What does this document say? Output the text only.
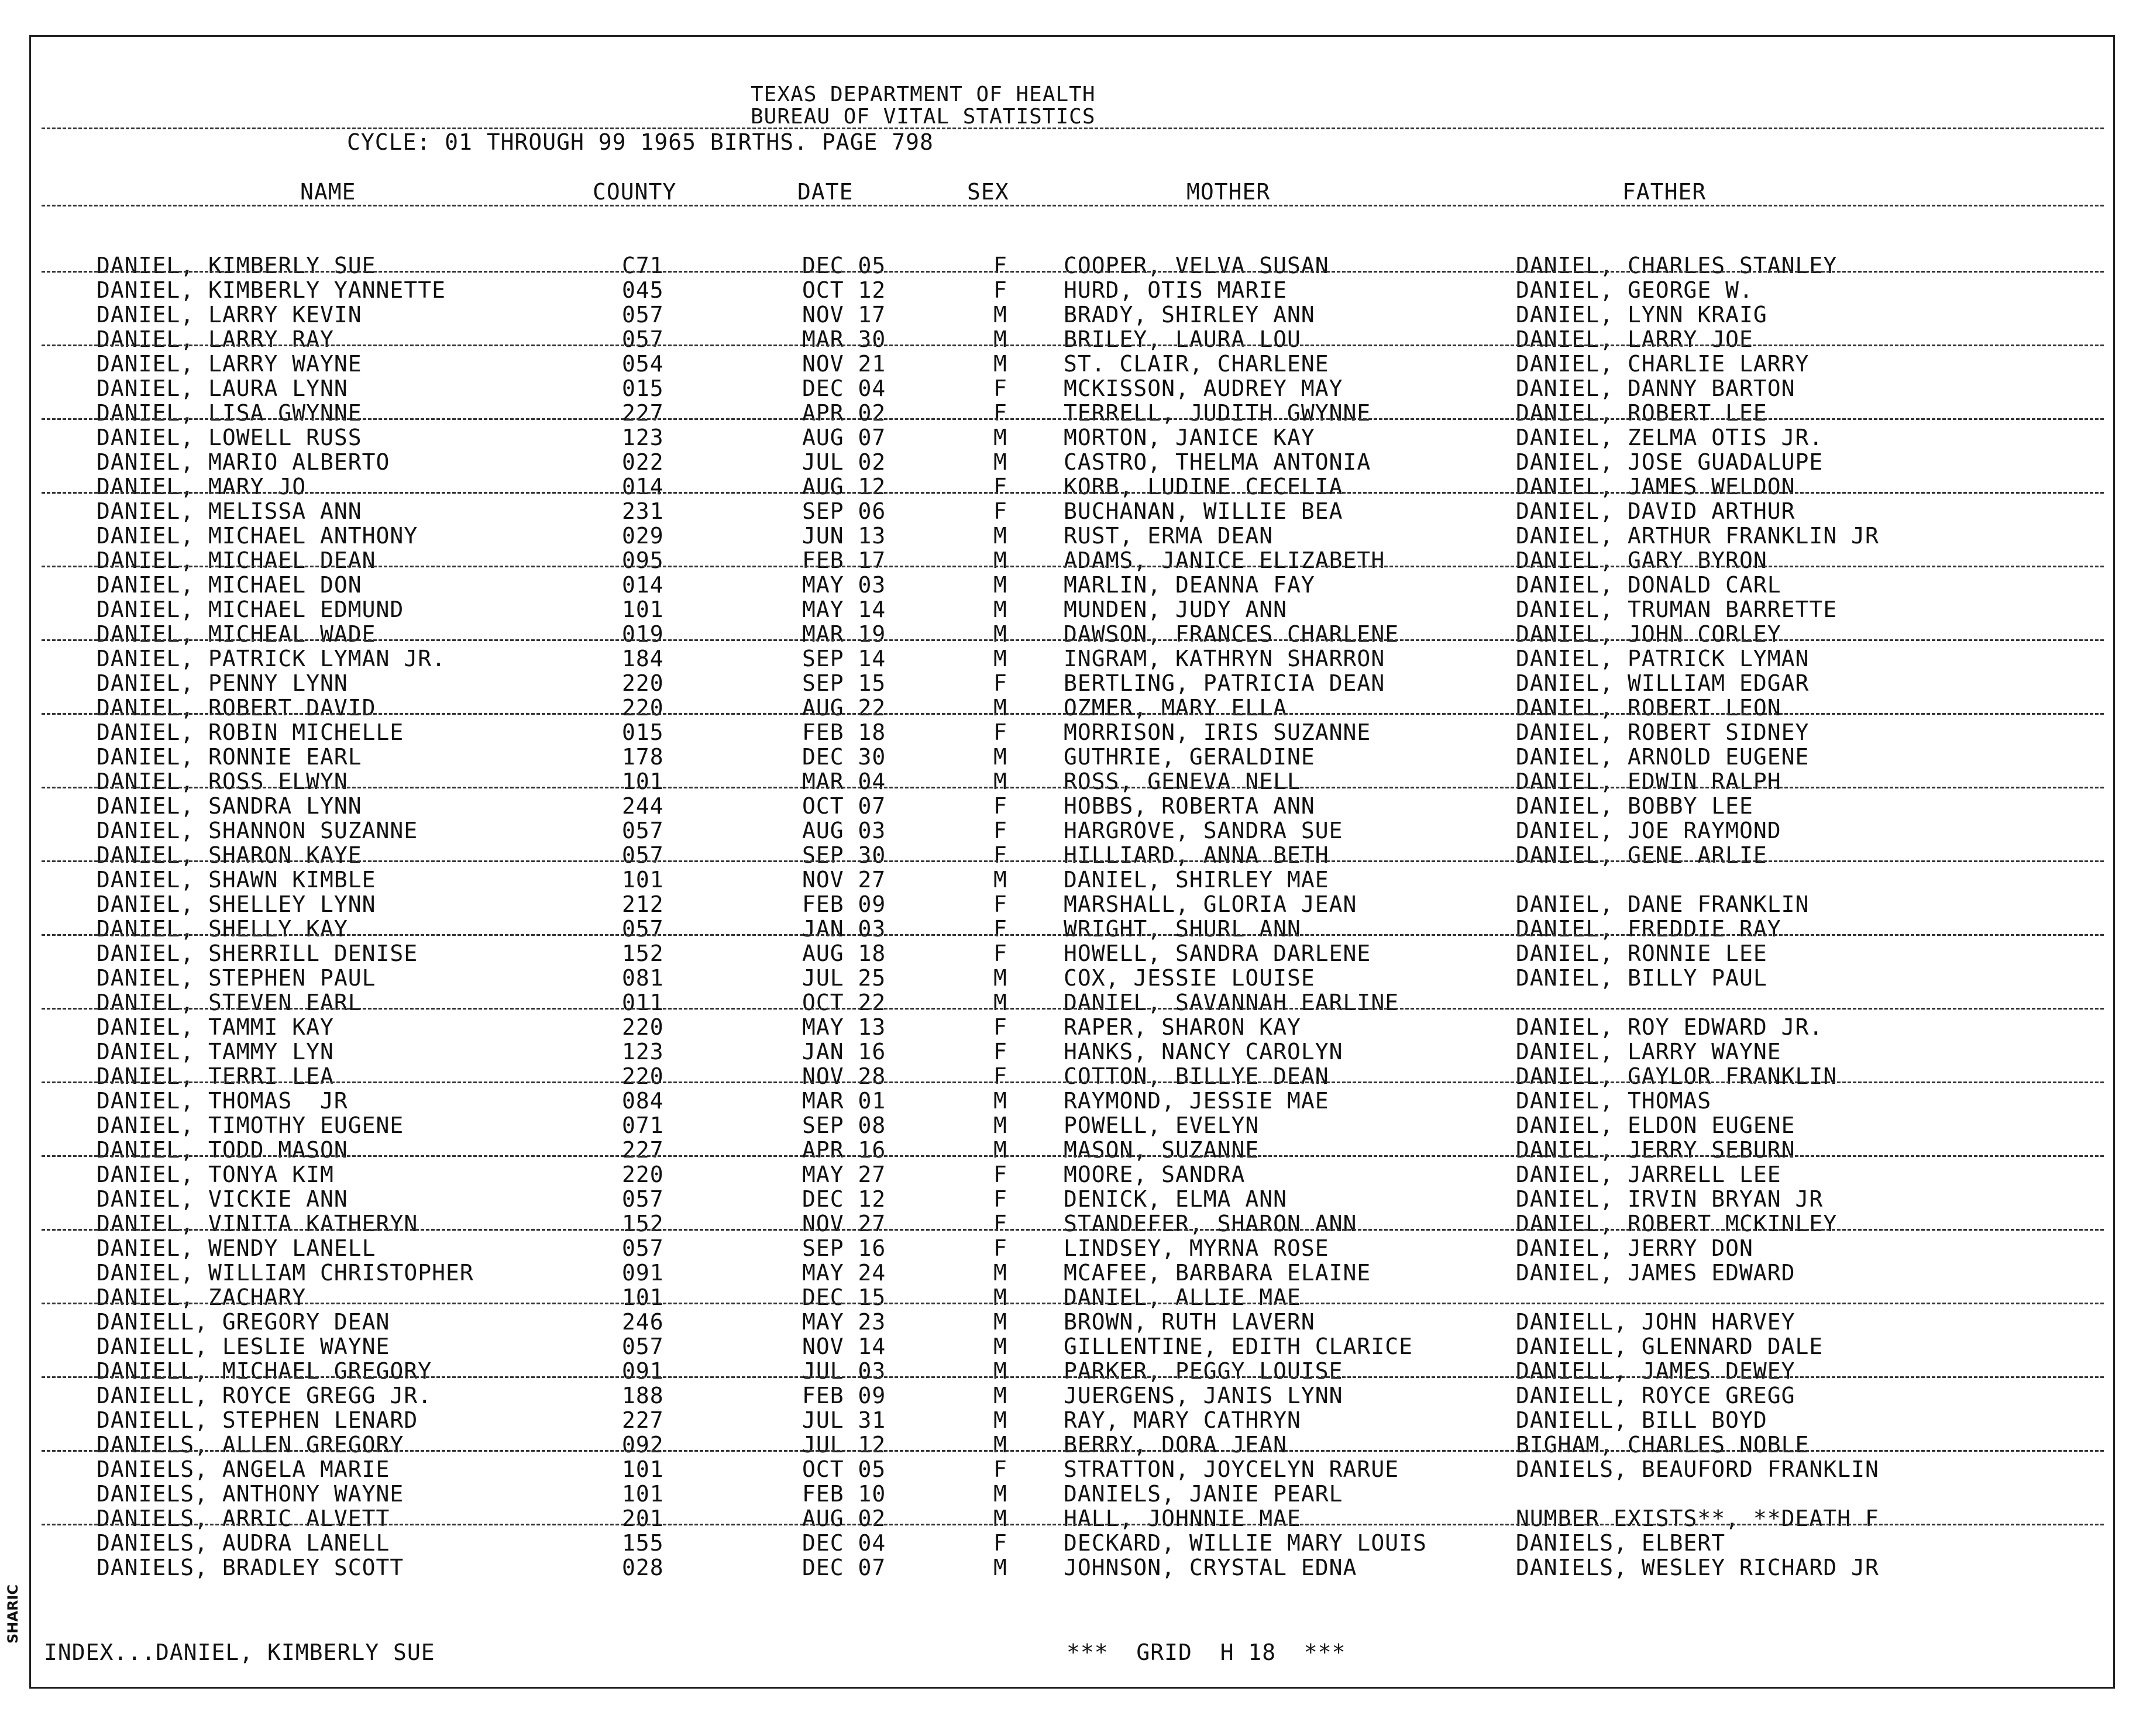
TEXAS DEPARTMENT OF HEALTH
BUREAU OF VITAL STATISTICS
CYCLE: 01 THROUGH 99 1965 BIRTHS. PAGE 798
NAME	COUNTY	DATE	SEX	MOTHER	FATHER
DANIEL, KIMBERLY SUE	C71	DEC 05	F	COOPER, VELVA SUSAN	DANIEL, CHARLES STANLEY
DANIEL, KIMBERLY YANNETTE	045	OCT 12	F	HURD, OTIS MARIE	DANIEL, GEORGE W.
DANIEL, LARRY KEVIN	057	NOV 17	M	BRADY, SHIRLEY ANN	DANIEL, LYNN KRAIG
DANIEL, LARRY RAY	057	MAR 30	M	BRILEY, LAURA LOU	DANIEL, LARRY JOE
DANIEL, LARRY WAYNE	054	NOV 21	M	ST. CLAIR, CHARLENE	DANIEL, CHARLIE LARRY
DANIEL, LAURA LYNN	015	DEC 04	F	MCKISSON, AUDREY MAY	DANIEL, DANNY BARTON
DANIEL, LISA GWYNNE	227	APR 02	F	TERRELL, JUDITH GWYNNE	DANIEL, ROBERT LEE
DANIEL, LOWELL RUSS	123	AUG 07	M	MORTON, JANICE KAY	DANIEL, ZELMA OTIS JR.
DANIEL, MARIO ALBERTO	022	JUL 02	M	CASTRO, THELMA ANTONIA	DANIEL, JOSE GUADALUPE
DANIEL, MARY JO	014	AUG 12	F	KORB, LUDINE CECELIA	DANIEL, JAMES WELDON
DANIEL, MELISSA ANN	231	SEP 06	F	BUCHANAN, WILLIE BEA	DANIEL, DAVID ARTHUR
DANIEL, MICHAEL ANTHONY	029	JUN 13	M	RUST, ERMA DEAN	DANIEL, ARTHUR FRANKLIN JR
DANIEL, MICHAEL DEAN	095	FEB 17	M	ADAMS, JANICE ELIZABETH	DANIEL, GARY BYRON
DANIEL, MICHAEL DON	014	MAY 03	M	MARLIN, DEANNA FAY	DANIEL, DONALD CARL
DANIEL, MICHAEL EDMUND	101	MAY 14	M	MUNDEN, JUDY ANN	DANIEL, TRUMAN BARRETTE
DANIEL, MICHEAL WADE	019	MAR 19	M	DAWSON, FRANCES CHARLENE	DANIEL, JOHN CORLEY
DANIEL, PATRICK LYMAN JR.	184	SEP 14	M	INGRAM, KATHRYN SHARRON	DANIEL, PATRICK LYMAN
DANIEL, PENNY LYNN	220	SEP 15	F	BERTLING, PATRICIA DEAN	DANIEL, WILLIAM EDGAR
DANIEL, ROBERT DAVID	220	AUG 22	M	OZMER, MARY ELLA	DANIEL, ROBERT LEON
DANIEL, ROBIN MICHELLE	015	FEB 18	F	MORRISON, IRIS SUZANNE	DANIEL, ROBERT SIDNEY
DANIEL, RONNIE EARL	178	DEC 30	M	GUTHRIE, GERALDINE	DANIEL, ARNOLD EUGENE
DANIEL, ROSS ELWYN	101	MAR 04	M	ROSS, GENEVA NELL	DANIEL, EDWIN RALPH
DANIEL, SANDRA LYNN	244	OCT 07	F	HOBBS, ROBERTA ANN	DANIEL, BOBBY LEE
DANIEL, SHANNON SUZANNE	057	AUG 03	F	HARGROVE, SANDRA SUE	DANIEL, JOE RAYMOND
DANIEL, SHARON KAYE	057	SEP 30	F	HILLIARD, ANNA BETH	DANIEL, GENE ARLIE
DANIEL, SHAWN KIMBLE	101	NOV 27	M	DANIEL, SHIRLEY MAE
DANIEL, SHELLEY LYNN	212	FEB 09	F	MARSHALL, GLORIA JEAN	DANIEL, DANE FRANKLIN
DANIEL, SHELLY KAY	057	JAN 03	F	WRIGHT, SHURL ANN	DANIEL, FREDDIE RAY
DANIEL, SHERRILL DENISE	152	AUG 18	F	HOWELL, SANDRA DARLENE	DANIEL, RONNIE LEE
DANIEL, STEPHEN PAUL	081	JUL 25	M	COX, JESSIE LOUISE	DANIEL, BILLY PAUL
DANIEL, STEVEN EARL	011	OCT 22	M	DANIEL, SAVANNAH EARLINE
DANIEL, TAMMI KAY	220	MAY 13	F	RAPER, SHARON KAY	DANIEL, ROY EDWARD JR.
DANIEL, TAMMY LYN	123	JAN 16	F	HANKS, NANCY CAROLYN	DANIEL, LARRY WAYNE
DANIEL, TERRI LEA	220	NOV 28	F	COTTON, BILLYE DEAN	DANIEL, GAYLOR FRANKLIN
DANIEL, THOMAS  JR	084	MAR 01	M	RAYMOND, JESSIE MAE	DANIEL, THOMAS
DANIEL, TIMOTHY EUGENE	071	SEP 08	M	POWELL, EVELYN	DANIEL, ELDON EUGENE
DANIEL, TODD MASON	227	APR 16	M	MASON, SUZANNE	DANIEL, JERRY SEBURN
DANIEL, TONYA KIM	220	MAY 27	F	MOORE, SANDRA	DANIEL, JARRELL LEE
DANIEL, VICKIE ANN	057	DEC 12	F	DENICK, ELMA ANN	DANIEL, IRVIN BRYAN JR
DANIEL, VINITA KATHERYN	152	NOV 27	F	STANDEFER, SHARON ANN	DANIEL, ROBERT MCKINLEY
DANIEL, WENDY LANELL	057	SEP 16	F	LINDSEY, MYRNA ROSE	DANIEL, JERRY DON
DANIEL, WILLIAM CHRISTOPHER	091	MAY 24	M	MCAFEE, BARBARA ELAINE	DANIEL, JAMES EDWARD
DANIEL, ZACHARY	101	DEC 15	M	DANIEL, ALLIE MAE
DANIELL, GREGORY DEAN	246	MAY 23	M	BROWN, RUTH LAVERN	DANIELL, JOHN HARVEY
DANIELL, LESLIE WAYNE	057	NOV 14	M	GILLENTINE, EDITH CLARICE	DANIELL, GLENNARD DALE
DANIELL, MICHAEL GREGORY	091	JUL 03	M	PARKER, PEGGY LOUISE	DANIELL, JAMES DEWEY
DANIELL, ROYCE GREGG JR.	188	FEB 09	M	JUERGENS, JANIS LYNN	DANIELL, ROYCE GREGG
DANIELL, STEPHEN LENARD	227	JUL 31	M	RAY, MARY CATHRYN	DANIELL, BILL BOYD
DANIELS, ALLEN GREGORY	092	JUL 12	M	BERRY, DORA JEAN	BIGHAM, CHARLES NOBLE
DANIELS, ANGELA MARIE	101	OCT 05	F	STRATTON, JOYCELYN RARUE	DANIELS, BEAUFORD FRANKLIN
DANIELS, ANTHONY WAYNE	101	FEB 10	M	DANIELS, JANIE PEARL
DANIELS, ARRIC ALVETT	201	AUG 02	M	HALL, JOHNNIE MAE	NUMBER EXISTS**, **DEATH F
DANIELS, AUDRA LANELL	155	DEC 04	F	DECKARD, WILLIE MARY LOUIS	DANIELS, ELBERT
DANIELS, BRADLEY SCOTT	028	DEC 07	M	JOHNSON, CRYSTAL EDNA	DANIELS, WESLEY RICHARD JR
INDEX...DANIEL, KIMBERLY SUE	***  GRID  H 18  ***
SHARIC
